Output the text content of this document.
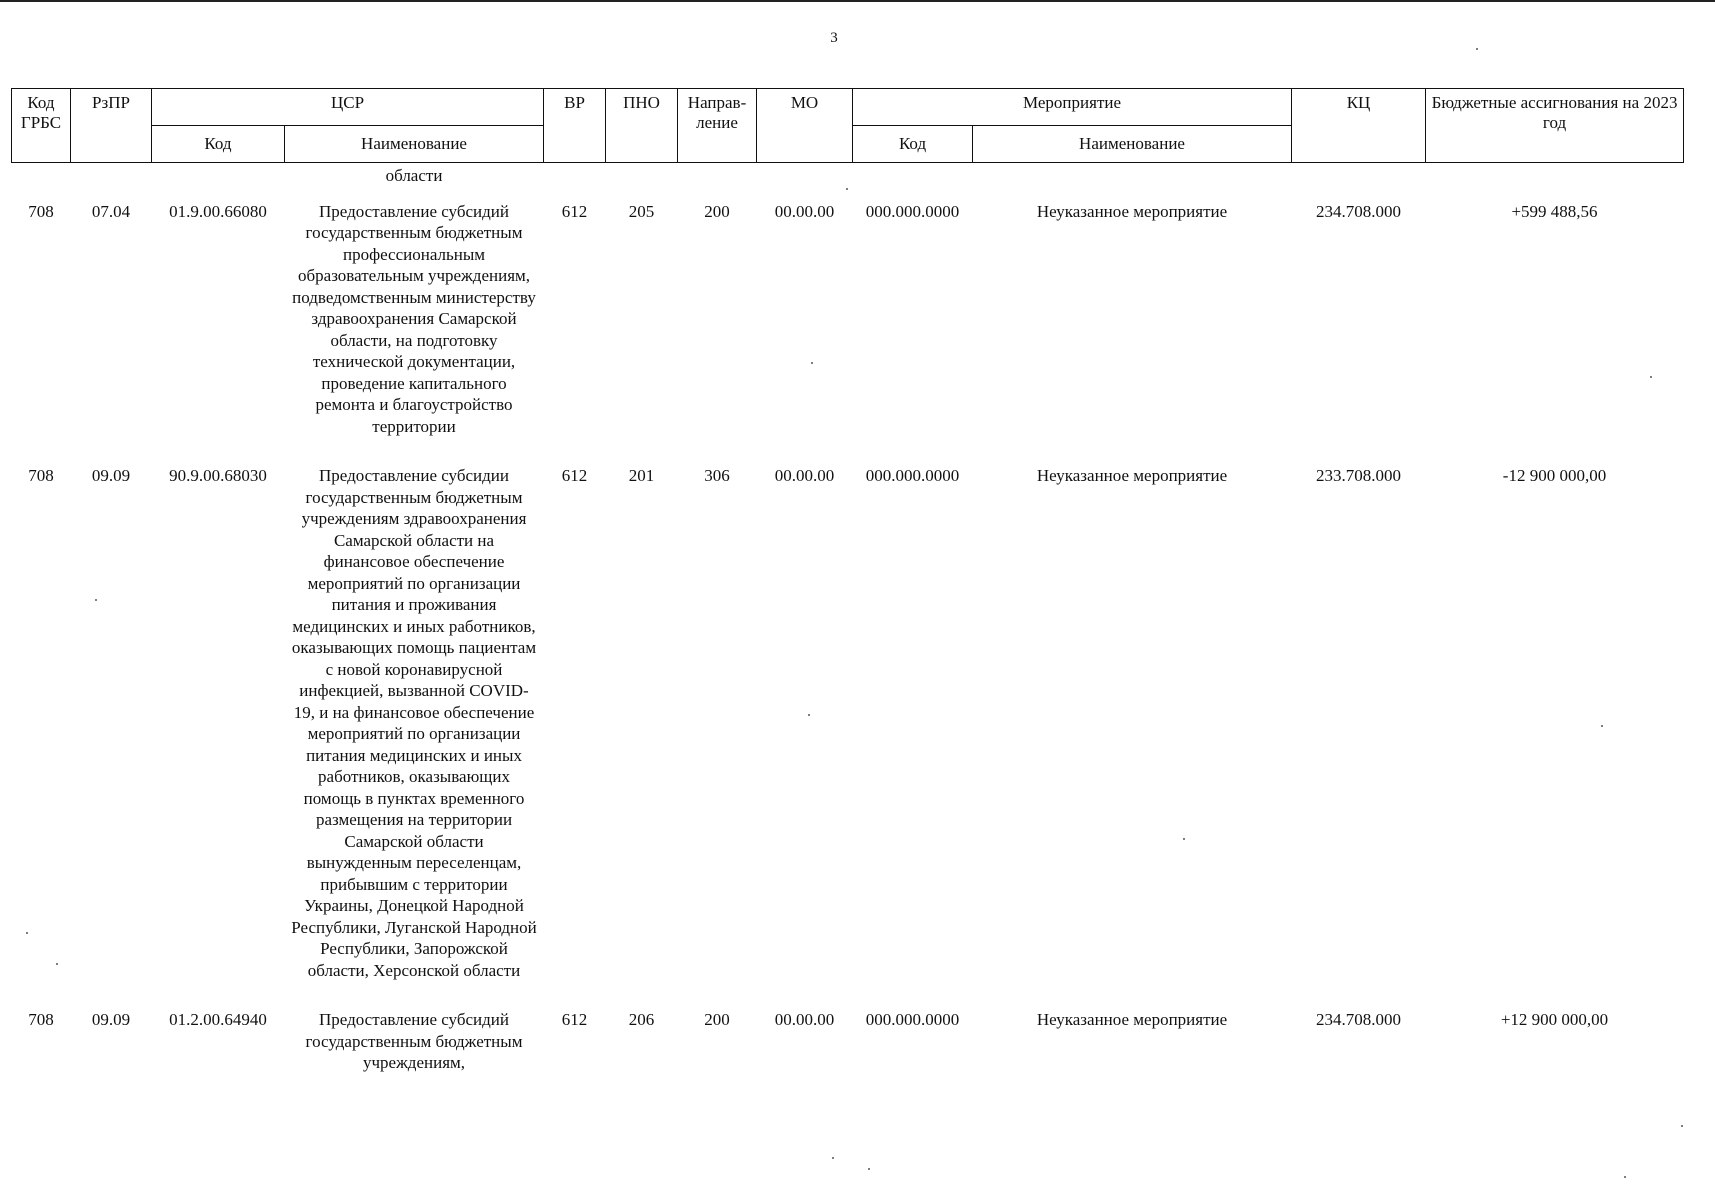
3
Код ГРБС	РзПР	ЦСР		ВР	ПНО	Направ-ление	МО	Мероприятие		КЦ	Бюджетные ассигнования на 2023 год
		Код	Наименование					Код	Наименование		
			области								
708	07.04	01.9.00.66080	Предоставление субсидий государственным бюджетным профессиональным образовательным учреждениям, подведомственным министерству здравоохранения Самарской области, на подготовку технической документации, проведение капитального ремонта и благоустройство территории	612	205	200	00.00.00	000.000.0000	Неуказанное мероприятие	234.708.000	+599 488,56
708	09.09	90.9.00.68030	Предоставление субсидии государственным бюджетным учреждениям здравоохранения Самарской области на финансовое обеспечение мероприятий по организации питания и проживания медицинских и иных работников, оказывающих помощь пациентам с новой коронавирусной инфекцией, вызванной COVID-19, и на финансовое обеспечение мероприятий по организации питания медицинских и иных работников, оказывающих помощь в пунктах временного размещения на территории Самарской области вынужденным переселенцам, прибывшим с территории Украины, Донецкой Народной Республики, Луганской Народной Республики, Запорожской области, Херсонской области	612	201	306	00.00.00	000.000.0000	Неуказанное мероприятие	233.708.000	-12 900 000,00
708	09.09	01.2.00.64940	Предоставление субсидий государственным бюджетным учреждениям,	612	206	200	00.00.00	000.000.0000	Неуказанное мероприятие	234.708.000	+12 900 000,00
